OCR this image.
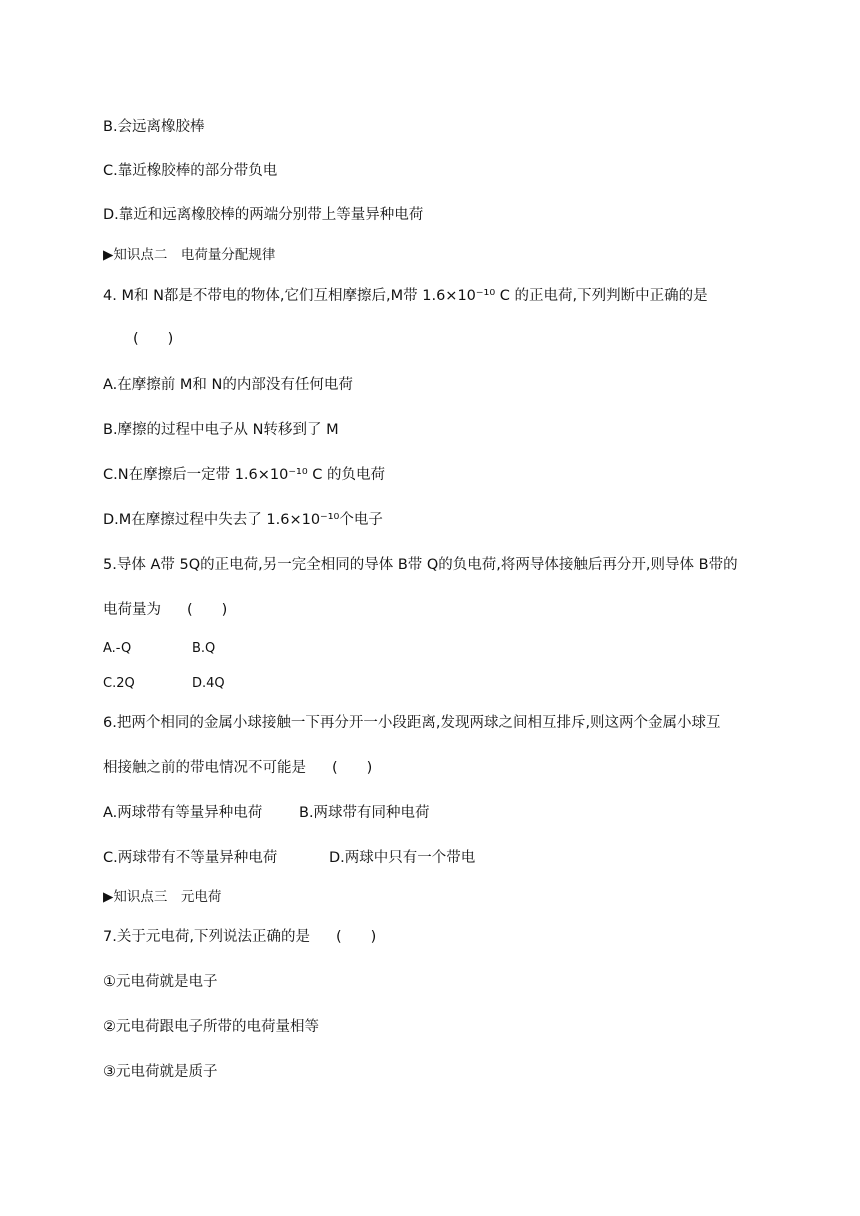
B.会远离橡胶棒
C.靠近橡胶棒的部分带负电
D.靠近和远离橡胶棒的两端分别带上等量异种电荷
▶知识点二　电荷量分配规律
4. M和 N都是不带电的物体,它们互相摩擦后,M带 1.6×10⁻¹⁰ C 的正电荷,下列判断中正确的是
(　　)
A.在摩擦前 M和 N的内部没有任何电荷
B.摩擦的过程中电子从 N转移到了 M
C.N在摩擦后一定带 1.6×10⁻¹⁰ C 的负电荷
D.M在摩擦过程中失去了 1.6×10⁻¹⁰个电子
5.导体 A带 5Q的正电荷,另一完全相同的导体 B带 Q的负电荷,将两导体接触后再分开,则导体 B带的
电荷量为 (　　)
A.-Q	B.Q
C.2Q	D.4Q
6.把两个相同的金属小球接触一下再分开一小段距离,发现两球之间相互排斥,则这两个金属小球互
相接触之前的带电情况不可能是 (　　)
A.两球带有等量异种电荷	B.两球带有同种电荷
C.两球带有不等量异种电荷	D.两球中只有一个带电
▶知识点三　元电荷
7.关于元电荷,下列说法正确的是 (　　)
①元电荷就是电子
②元电荷跟电子所带的电荷量相等
③元电荷就是质子
